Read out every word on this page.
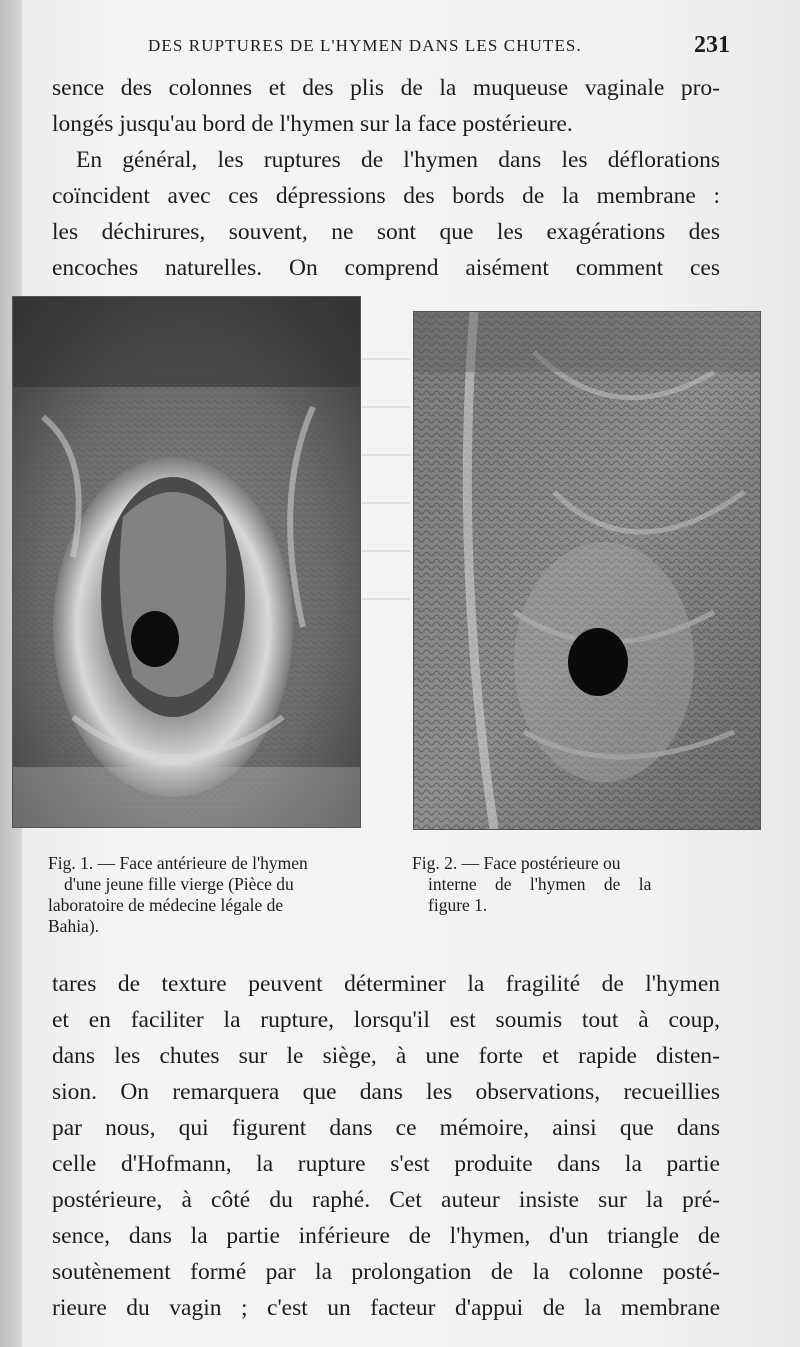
DES RUPTURES DE L'HYMEN DANS LES CHUTES.	231
sence des colonnes et des plis de la muqueuse vaginale pro-
longés jusqu'au bord de l'hymen sur la face postérieure.
En général, les ruptures de l'hymen dans les déflorations
coïncident avec ces dépressions des bords de la membrane :
les déchirures, souvent, ne sont que les exagérations des
encoches naturelles. On comprend aisément comment ces
Fig. 1. — Face antérieure de l'hymen
d'une jeune fille vierge (Pièce du
laboratoire de médecine légale de
Bahia).
Fig. 2. — Face postérieure ou
interne de l'hymen de la
figure 1.
tares de texture peuvent déterminer la fragilité de l'hymen
et en faciliter la rupture, lorsqu'il est soumis tout à coup,
dans les chutes sur le siège, à une forte et rapide disten-
sion. On remarquera que dans les observations, recueillies
par nous, qui figurent dans ce mémoire, ainsi que dans
celle d'Hofmann, la rupture s'est produite dans la partie
postérieure, à côté du raphé. Cet auteur insiste sur la pré-
sence, dans la partie inférieure de l'hymen, d'un triangle de
soutènement formé par la prolongation de la colonne posté-
rieure du vagin ; c'est un facteur d'appui de la membrane
